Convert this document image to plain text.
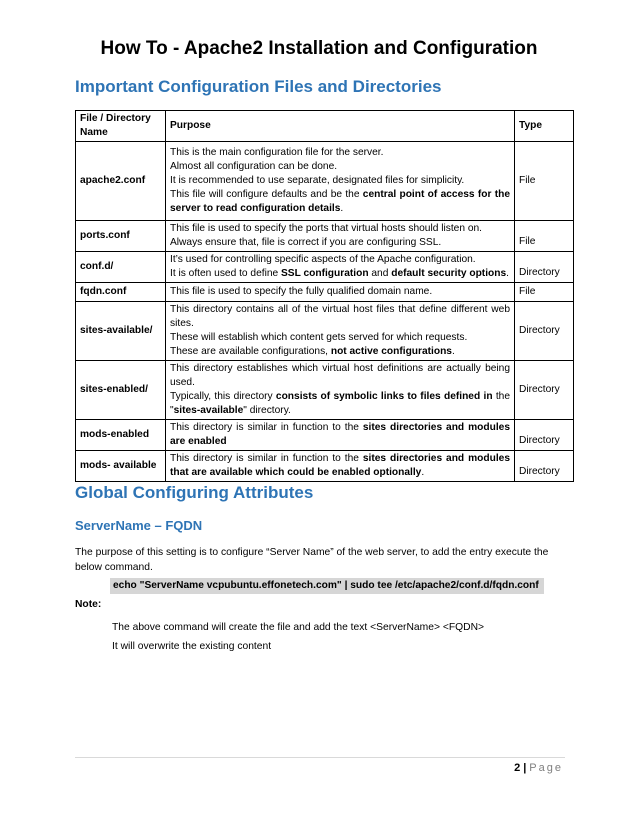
How To - Apache2 Installation and Configuration
Important Configuration Files and Directories
File / Directory Name	Purpose	Type
apache2.conf	This is the main configuration file for the server.
Almost all configuration can be done.
It is recommended to use separate, designated files for simplicity.
This file will configure defaults and be the central point of access for the server to read configuration details.	File
ports.conf	This file is used to specify the ports that virtual hosts should listen on.
Always ensure that, file is correct if you are configuring SSL.	File
conf.d/	It’s used for controlling specific aspects of the Apache configuration.
It is often used to define SSL configuration and default security options.	Directory
fqdn.conf	This file is used to specify the fully qualified domain name.	File
sites-available/	This directory contains all of the virtual host files that define different web sites.
These will establish which content gets served for which requests.
These are available configurations, not active configurations.	Directory
sites-enabled/	This directory establishes which virtual host definitions are actually being used.
Typically, this directory consists of symbolic links to files defined in the "sites-available" directory.	Directory
mods-enabled	This directory is similar in function to the sites directories and modules are enabled	Directory
mods- available	This directory is similar in function to the sites directories and modules that are available which could be enabled optionally.	Directory
Global Configuring Attributes
ServerName – FQDN
The purpose of this setting is to configure “Server Name” of the web server, to add the entry execute the below command.
echo "ServerName vcpubuntu.effonetech.com" | sudo tee /etc/apache2/conf.d/fqdn.conf
Note:
The above command will create the file and add the text <ServerName> <FQDN>
It will overwrite the existing content
2 | Page
